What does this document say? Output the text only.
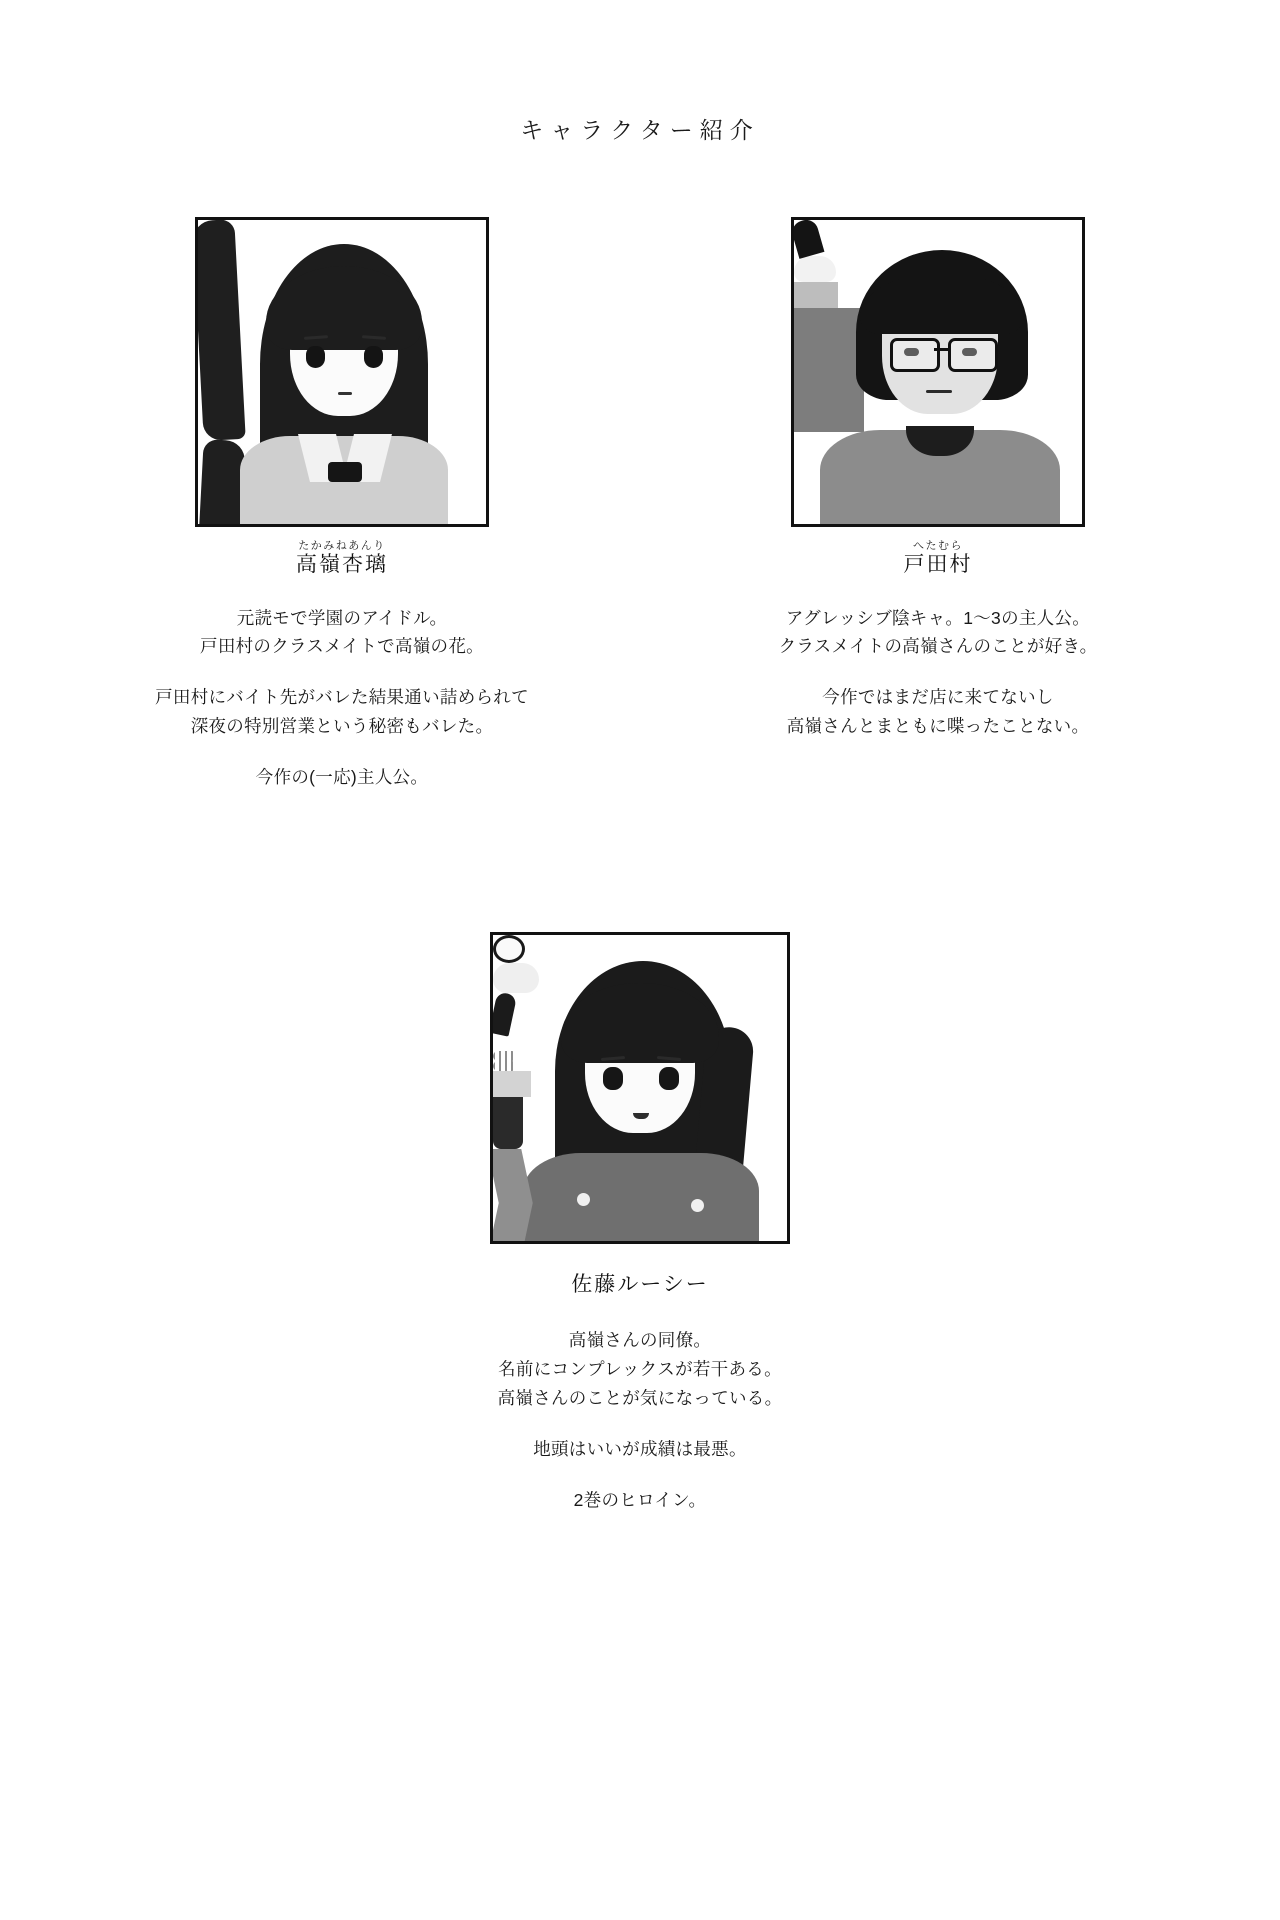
キャラクター紹介
たかみねあんり
高嶺杏璃

元読モで学園のアイドル。
戸田村のクラスメイトで高嶺の花。

戸田村にバイト先がバレた結果通い詰められて
深夜の特別営業という秘密もバレた。

今作の(一応)主人公。

へたむら
戸田村

アグレッシブ陰キャ。1〜3の主人公。
クラスメイトの高嶺さんのことが好き。

今作ではまだ店に来てないし
高嶺さんとまともに喋ったことない。

佐藤ルーシー

高嶺さんの同僚。
名前にコンプレックスが若干ある。
高嶺さんのことが気になっている。

地頭はいいが成績は最悪。

2巻のヒロイン。
